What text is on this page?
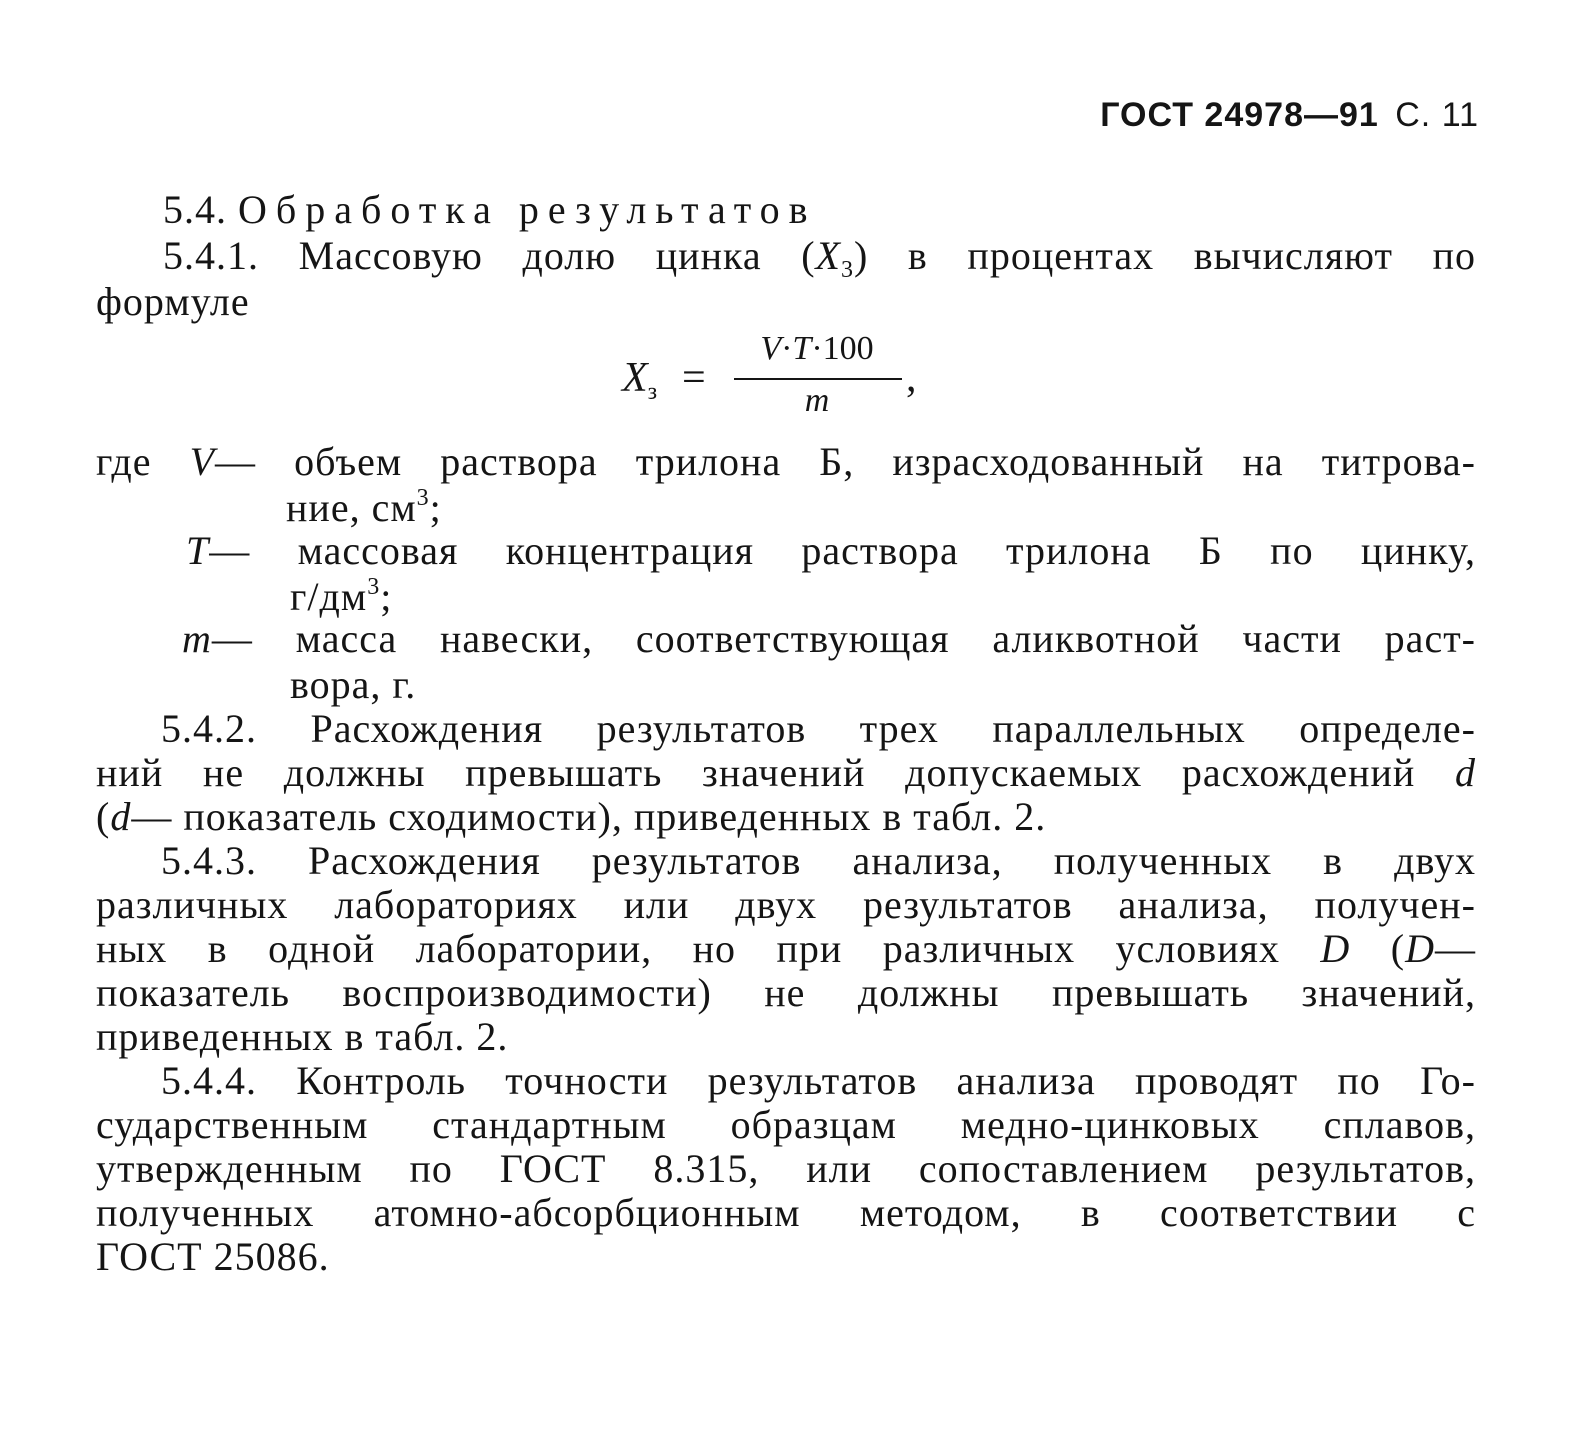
ГОСТ 24978—91 С. 11
5.4. Обработка результатов
5.4.1. Массовую долю цинка $(X_3)$ в процентах вычисляют по
формуле
$X_з$ =
V·T·100
m	,
где V— объем раствора трилона Б, израсходованный на титрова-
ние, $см^3$;
T— массовая концентрация раствора трилона Б по цинку,
$г/дм^3$;
m— масса навески, соответствующая аликвотной части раст-
вора, г.
5.4.2. Расхождения результатов трех параллельных определе-
ний не должны превышать значений допускаемых расхождений d
(d— показатель сходимости), приведенных в табл. 2.
5.4.3. Расхождения результатов анализа, полученных в двух
различных лабораториях или двух результатов анализа, получен-
ных в одной лаборатории, но при различных условиях D (D—
показатель воспроизводимости) не должны превышать значений,
приведенных в табл. 2.
5.4.4. Контроль точности результатов анализа проводят по Го-
сударственным стандартным образцам медно-цинковых сплавов,
утвержденным по ГОСТ 8.315, или сопоставлением результатов,
полученных атомно-абсорбционным методом, в соответствии с
ГОСТ 25086.
